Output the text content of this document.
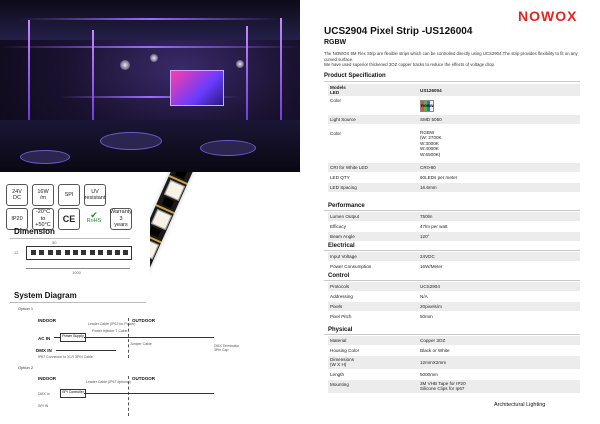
24V
DC
16W
/m
SPI
UV
resistant
IP20
-20°C to
+50°C
CE ✔
RoHS
Warranty
3
years
Dimension
1000
50
12
System Diagram
Option 1
INDOOR	OUTDOOR
AC IN	Power Supply
Leader Cable (IP67 for Power)
Power Injector T Cable
DMX IN
IP67 Connector to XLR 3PIN Cable
Jumper Cable	DMX Terminator
3Pin Cap
Option 2
INDOOR	OUTDOOR
Leader Cable (IP67 optional)
DMX In	SPI Controller
SPI IN
NOWOX
UCS2904 Pixel Strip -US126004
RGBW
The NOWOX 5M Flex Strip are flexible strips which can be controlled directly using UCS2904.The strip provides flexibility to fit on any curved surface.
We have used superior thickened 3OZ copper tracks to reduce the effects of voltage drop.
Product Specification
Models
LED	US126004
Color
RGBW
Light Source	SMD 5050
Color	RGBW
(W: 2700K
W:3000K
W:4000K
W:6500K)
CRI for White LED	CRI>80
LED QTY	60LEDs per meter
LED Spacing	16.6mm
Performance
Lumen Output	750lm
Efficacy	47lm per watt
Beam Angle	120°
Electrical
Input Voltage	24VDC
Power Consumption	16W/Meter
Control
Protocols	UCS2904
Addressing	N/A
Pixels	20pixels/m
Pixel Pitch	50mm
Physical
Material	Copper 3OZ
Housing Color	Black or White
Dimensions
(W X H)	12mmX2mm
Length	5000mm
Mounting	3M VHB Tape for IP20
Silicone Clips for Ip67
Architectural Lighting
